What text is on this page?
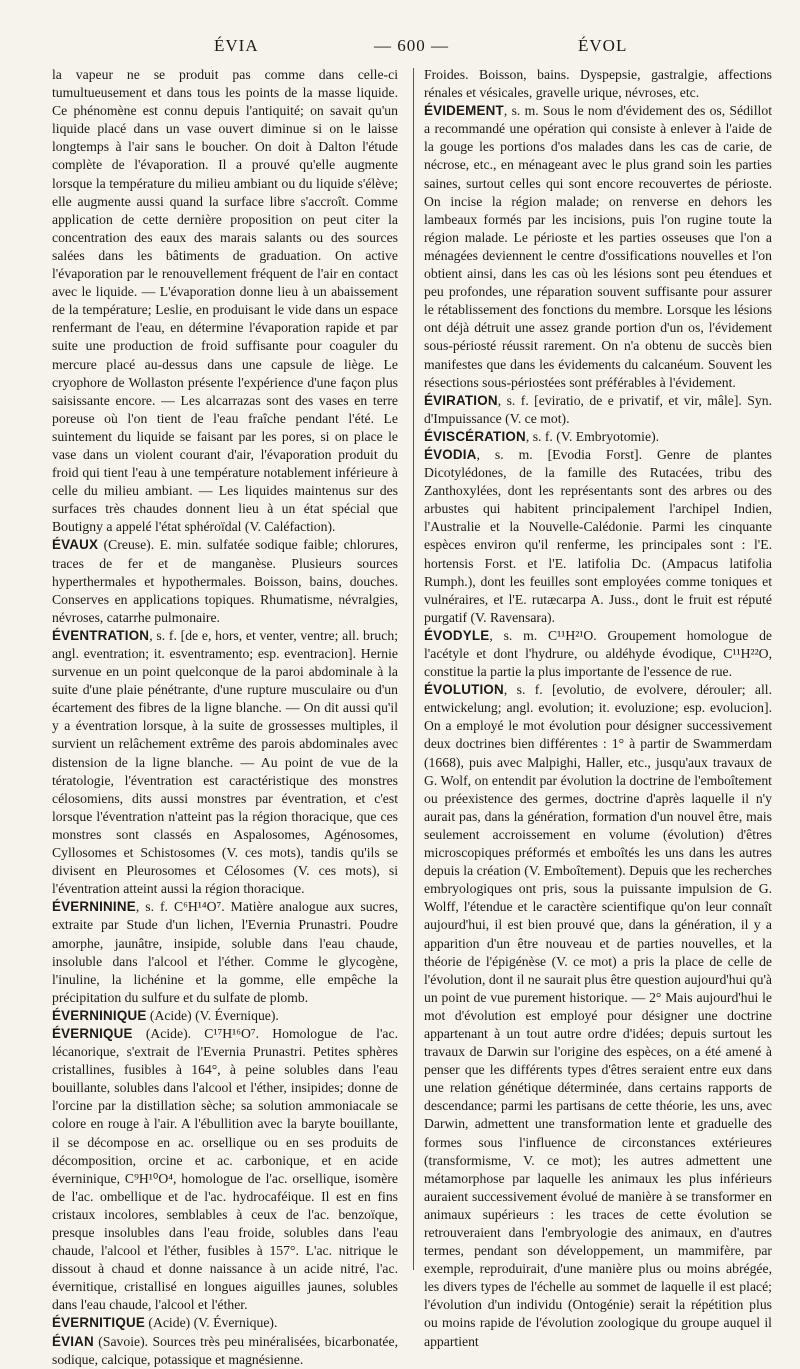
ÉVIA	— 600 —	ÉVOL

la vapeur ne se produit pas comme dans celle-ci tumultueusement et dans tous les points de la masse liquide. Ce phénomène est connu depuis l'antiquité; on savait qu'un liquide placé dans un vase ouvert diminue si on le laisse longtemps à l'air sans le boucher. On doit à Dalton l'étude complète de l'évaporation. Il a prouvé qu'elle augmente lorsque la température du milieu ambiant ou du liquide s'élève; elle augmente aussi quand la surface libre s'accroît. Comme application de cette dernière proposition on peut citer la concentration des eaux des marais salants ou des sources salées dans les bâtiments de graduation. On active l'évaporation par le renouvellement fréquent de l'air en contact avec le liquide. — L'évaporation donne lieu à un abaissement de la température; Leslie, en produisant le vide dans un espace renfermant de l'eau, en détermine l'évaporation rapide et par suite une production de froid suffisante pour coaguler du mercure placé au-dessus dans une capsule de liège. Le cryophore de Wollaston présente l'expérience d'une façon plus saisissante encore. — Les alcarrazas sont des vases en terre poreuse où l'on tient de l'eau fraîche pendant l'été. Le suintement du liquide se faisant par les pores, si on place le vase dans un violent courant d'air, l'évaporation produit du froid qui tient l'eau à une température notablement inférieure à celle du milieu ambiant. — Les liquides maintenus sur des surfaces très chaudes donnent lieu à un état spécial que Boutigny a appelé l'état sphéroïdal (V. Caléfaction).

ÉVAUX (Creuse). E. min. sulfatée sodique faible; chlorures, traces de fer et de manganèse. Plusieurs sources hyperthermales et hypothermales. Boisson, bains, douches. Conserves en applications topiques. Rhumatisme, névralgies, névroses, catarrhe pulmonaire.

ÉVENTRATION, s. f. [de e, hors, et venter, ventre; all. bruch; angl. eventration; it. esventramento; esp. eventracion]. Hernie survenue en un point quelconque de la paroi abdominale à la suite d'une plaie pénétrante, d'une rupture musculaire ou d'un écartement des fibres de la ligne blanche. — On dit aussi qu'il y a éventration lorsque, à la suite de grossesses multiples, il survient un relâchement extrême des parois abdominales avec distension de la ligne blanche. — Au point de vue de la tératologie, l'éventration est caractéristique des monstres célosomiens, dits aussi monstres par éventration, et c'est lorsque l'éventration n'atteint pas la région thoracique, que ces monstres sont classés en Aspalosomes, Agénosomes, Cyllosomes et Schistosomes (V. ces mots), tandis qu'ils se divisent en Pleurosomes et Célosomes (V. ces mots), si l'éventration atteint aussi la région thoracique.

ÉVERNININE, s. f. C⁶H¹⁴O⁷. Matière analogue aux sucres, extraite par Stude d'un lichen, l'Evernia Prunastri. Poudre amorphe, jaunâtre, insipide, soluble dans l'eau chaude, insoluble dans l'alcool et l'éther. Comme le glycogène, l'inuline, la lichénine et la gomme, elle empêche la précipitation du sulfure et du sulfate de plomb.

ÉVERNINIQUE (Acide) (V. Évernique).

ÉVERNIQUE (Acide). C¹⁷H¹⁶O⁷. Homologue de l'ac. lécanorique, s'extrait de l'Evernia Prunastri. Petites sphères cristallines, fusibles à 164°, à peine solubles dans l'eau bouillante, solubles dans l'alcool et l'éther, insipides; donne de l'orcine par la distillation sèche; sa solution ammoniacale se colore en rouge à l'air. A l'ébullition avec la baryte bouillante, il se décompose en ac. orsellique ou en ses produits de décomposition, orcine et ac. carbonique, et en acide éverninique, C⁹H¹⁰O⁴, homologue de l'ac. orsellique, isomère de l'ac. ombellique et de l'ac. hydrocaféique. Il est en fins cristaux incolores, semblables à ceux de l'ac. benzoïque, presque insolubles dans l'eau froide, solubles dans l'eau chaude, l'alcool et l'éther, fusibles à 157°. L'ac. nitrique le dissout à chaud et donne naissance à un acide nitré, l'ac. évernitique, cristallisé en longues aiguilles jaunes, solubles dans l'eau chaude, l'alcool et l'éther.

ÉVERNITIQUE (Acide) (V. Évernique).

ÉVIAN (Savoie). Sources très peu minéralisées, bicarbonatée, sodique, calcique, potassique et magnésienne.

Froides. Boisson, bains. Dyspepsie, gastralgie, affections rénales et vésicales, gravelle urique, névroses, etc.

ÉVIDEMENT, s. m. Sous le nom d'évidement des os, Sédillot a recommandé une opération qui consiste à enlever à l'aide de la gouge les portions d'os malades dans les cas de carie, de nécrose, etc., en ménageant avec le plus grand soin les parties saines, surtout celles qui sont encore recouvertes de périoste. On incise la région malade; on renverse en dehors les lambeaux formés par les incisions, puis l'on rugine toute la région malade. Le périoste et les parties osseuses que l'on a ménagées deviennent le centre d'ossifications nouvelles et l'on obtient ainsi, dans les cas où les lésions sont peu étendues et peu profondes, une réparation souvent suffisante pour assurer le rétablissement des fonctions du membre. Lorsque les lésions ont déjà détruit une assez grande portion d'un os, l'évidement sous-périosté réussit rarement. On n'a obtenu de succès bien manifestes que dans les évidements du calcanéum. Souvent les résections sous-périostées sont préférables à l'évidement.

ÉVIRATION, s. f. [eviratio, de e privatif, et vir, mâle]. Syn. d'Impuissance (V. ce mot).

ÉVISCÉRATION, s. f. (V. Embryotomie).

ÉVODIA, s. m. [Evodia Forst]. Genre de plantes Dicotylédones, de la famille des Rutacées, tribu des Zanthoxylées, dont les représentants sont des arbres ou des arbustes qui habitent principalement l'archipel Indien, l'Australie et la Nouvelle-Calédonie. Parmi les cinquante espèces environ qu'il renferme, les principales sont : l'E. hortensis Forst. et l'E. latifolia Dc. (Ampacus latifolia Rumph.), dont les feuilles sont employées comme toniques et vulnéraires, et l'E. rutæcarpa A. Juss., dont le fruit est réputé purgatif (V. Ravensara).

ÉVODYLE, s. m. C¹¹H²¹O. Groupement homologue de l'acétyle et dont l'hydrure, ou aldéhyde évodique, C¹¹H²²O, constitue la partie la plus importante de l'essence de rue.

ÉVOLUTION, s. f. [evolutio, de evolvere, dérouler; all. entwickelung; angl. evolution; it. evoluzione; esp. evolucion]. On a employé le mot évolution pour désigner successivement deux doctrines bien différentes : 1° à partir de Swammerdam (1668), puis avec Malpighi, Haller, etc., jusqu'aux travaux de G. Wolf, on entendit par évolution la doctrine de l'emboîtement ou préexistence des germes, doctrine d'après laquelle il n'y aurait pas, dans la génération, formation d'un nouvel être, mais seulement accroissement en volume (évolution) d'êtres microscopiques préformés et emboîtés les uns dans les autres depuis la création (V. Emboîtement). Depuis que les recherches embryologiques ont pris, sous la puissante impulsion de G. Wolff, l'étendue et le caractère scientifique qu'on leur connaît aujourd'hui, il est bien prouvé que, dans la génération, il y a apparition d'un être nouveau et de parties nouvelles, et la théorie de l'épigénèse (V. ce mot) a pris la place de celle de l'évolution, dont il ne saurait plus être question aujourd'hui qu'à un point de vue purement historique. — 2° Mais aujourd'hui le mot d'évolution est employé pour désigner une doctrine appartenant à un tout autre ordre d'idées; depuis surtout les travaux de Darwin sur l'origine des espèces, on a été amené à penser que les différents types d'êtres seraient entre eux dans une relation génétique déterminée, dans certains rapports de descendance; parmi les partisans de cette théorie, les uns, avec Darwin, admettent une transformation lente et graduelle des formes sous l'influence de circonstances extérieures (transformisme, V. ce mot); les autres admettent une métamorphose par laquelle les animaux les plus inférieurs auraient successivement évolué de manière à se transformer en animaux supérieurs : les traces de cette évolution se retrouveraient dans l'embryologie des animaux, en d'autres termes, pendant son développement, un mammifère, par exemple, reproduirait, d'une manière plus ou moins abrégée, les divers types de l'échelle au sommet de laquelle il est placé; l'évolution d'un individu (Ontogénie) serait la répétition plus ou moins rapide de l'évolution zoologique du groupe auquel il appartient
